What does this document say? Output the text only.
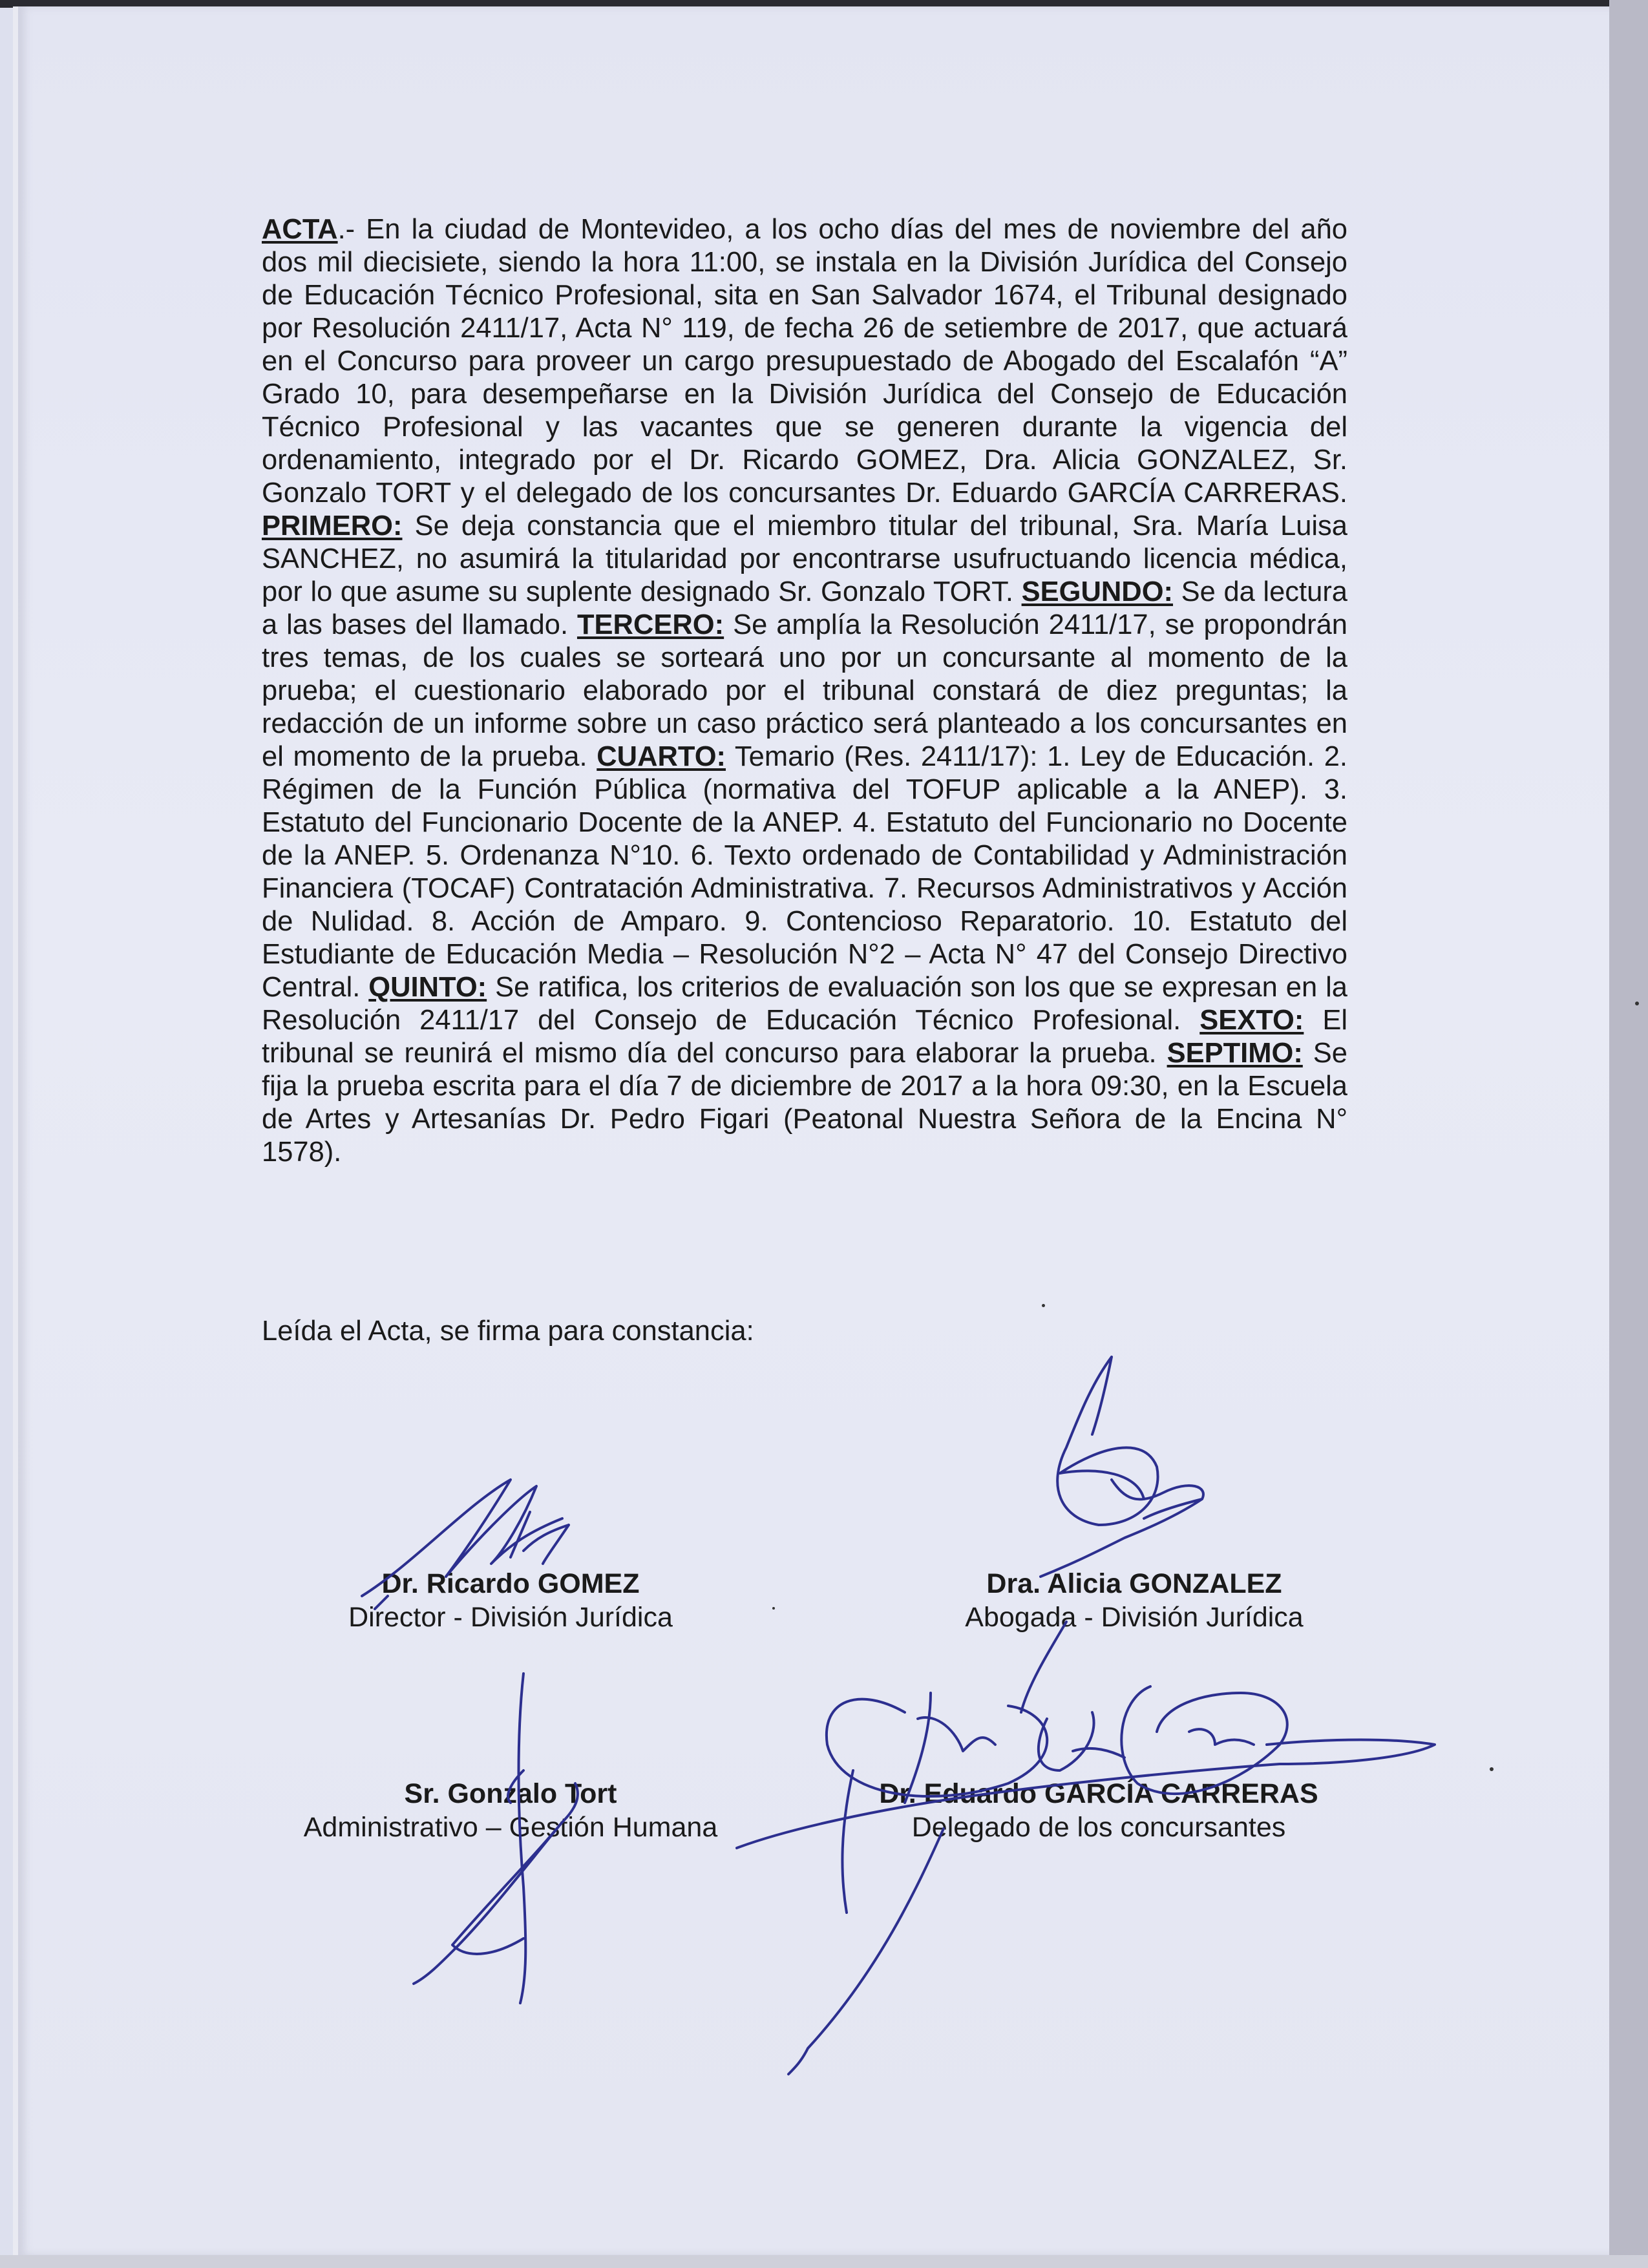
ACTA.- En la ciudad de Montevideo, a los ocho días del mes de noviembre del año dos mil diecisiete, siendo la hora 11:00, se instala en la División Jurídica del Consejo de Educación Técnico Profesional, sita en San Salvador 1674, el Tribunal designado por Resolución 2411/17, Acta N° 119, de fecha 26 de setiembre de 2017, que actuará en el Concurso para proveer un cargo presupuestado de Abogado del Escalafón “A” Grado 10, para desempeñarse en la División Jurídica del Consejo de Educación Técnico Profesional y las vacantes que se generen durante la vigencia del ordenamiento, integrado por el Dr. Ricardo GOMEZ, Dra. Alicia GONZALEZ, Sr. Gonzalo TORT y el delegado de los concursantes Dr. Eduardo GARCÍA CARRERAS. PRIMERO: Se deja constancia que el miembro titular del tribunal, Sra. María Luisa SANCHEZ, no asumirá la titularidad por encontrarse usufructuando licencia médica, por lo que asume su suplente designado Sr. Gonzalo TORT. SEGUNDO: Se da lectura a las bases del llamado. TERCERO: Se amplía la Resolución 2411/17, se propondrán tres temas, de los cuales se sorteará uno por un concursante al momento de la prueba; el cuestionario elaborado por el tribunal constará de diez preguntas; la redacción de un informe sobre un caso práctico será planteado a los concursantes en el momento de la prueba. CUARTO: Temario (Res. 2411/17): 1. Ley de Educación. 2. Régimen de la Función Pública (normativa del TOFUP aplicable a la ANEP). 3. Estatuto del Funcionario Docente de la ANEP. 4. Estatuto del Funcionario no Docente de la ANEP. 5. Ordenanza N°10. 6. Texto ordenado de Contabilidad y Administración Financiera (TOCAF) Contratación Administrativa. 7. Recursos Administrativos y Acción de Nulidad. 8. Acción de Amparo. 9. Contencioso Reparatorio. 10. Estatuto del Estudiante de Educación Media – Resolución N°2 – Acta N° 47 del Consejo Directivo Central. QUINTO: Se ratifica, los criterios de evaluación son los que se expresan en la Resolución 2411/17 del Consejo de Educación Técnico Profesional. SEXTO: El tribunal se reunirá el mismo día del concurso para elaborar la prueba. SEPTIMO: Se fija la prueba escrita para el día 7 de diciembre de 2017 a la hora 09:30, en la Escuela de Artes y Artesanías Dr. Pedro Figari (Peatonal Nuestra Señora de la Encina N° 1578).

Leída el Acta, se firma para constancia:

Dr. Ricardo GOMEZ
Director - División Jurídica
Dra. Alicia GONZALEZ
Abogada - División Jurídica
Sr. Gonzalo Tort
Administrativo – Gestión Humana
Dr. Eduardo GARCÍA CARRERAS
Delegado de los concursantes
